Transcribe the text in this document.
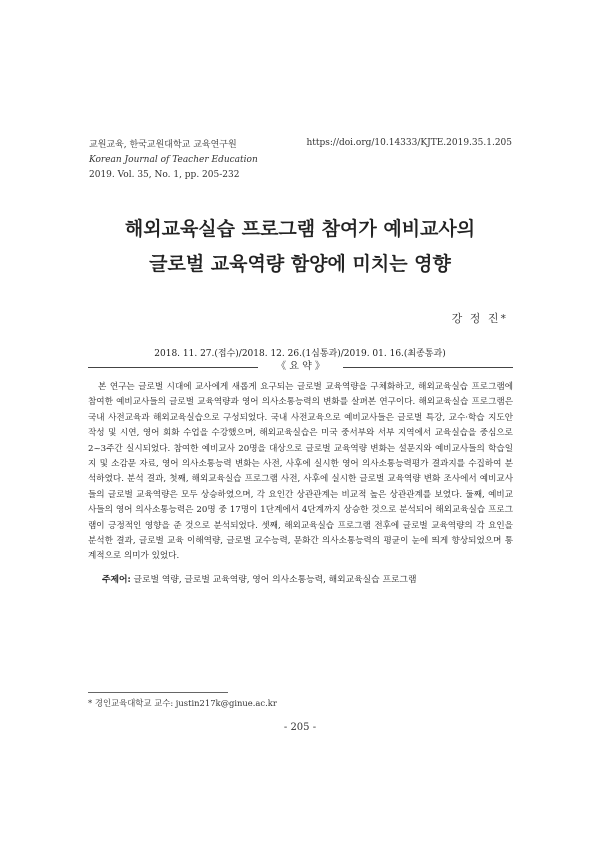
교원교육, 한국교원대학교 교육연구원
Korean Journal of Teacher Education
2019. Vol. 35, No. 1, pp. 205-232
https://doi.org/10.14333/KJTE.2019.35.1.205
해외교육실습 프로그램 참여가 예비교사의
글로벌 교육역량 함양에 미치는 영향
강 정 진*
2018. 11. 27.(접수)/2018. 12. 26.(1심통과)/2019. 01. 16.(최종통과)
《 요 약 》
본 연구는 글로벌 시대에 교사에게 새롭게 요구되는 글로벌 교육역량을 구체화하고, 해외교육실습 프로그램에 참여한 예비교사들의 글로벌 교육역량과 영어 의사소통능력의 변화를 살펴본 연구이다. 해외교육실습 프로그램은 국내 사전교육과 해외교육실습으로 구성되었다. 국내 사전교육으로 예비교사들은 글로벌 특강, 교수·학습 지도안 작성 및 시연, 영어 회화 수업을 수강했으며, 해외교육실습은 미국 중서부와 서부 지역에서 교육실습을 중심으로 2~3주간 실시되었다. 참여한 예비교사 20명을 대상으로 글로벌 교육역량 변화는 설문지와 예비교사들의 학습일지 및 소감문 자료, 영어 의사소통능력 변화는 사전, 사후에 실시한 영어 의사소통능력평가 결과지를 수집하여 분석하였다. 분석 결과, 첫째, 해외교육실습 프로그램 사전, 사후에 실시한 글로벌 교육역량 변화 조사에서 예비교사들의 글로벌 교육역량은 모두 상승하였으며, 각 요인간 상관관계는 비교적 높은 상관관계를 보였다. 둘째, 예비교사들의 영어 의사소통능력은 20명 중 17명이 1단계에서 4단계까지 상승한 것으로 분석되어 해외교육실습 프로그램이 긍정적인 영향을 준 것으로 분석되었다. 셋째, 해외교육실습 프로그램 전후에 글로벌 교육역량의 각 요인을 분석한 결과, 글로벌 교육 이해역량, 글로벌 교수능력, 문화간 의사소통능력의 평균이 눈에 띄게 향상되었으며 통계적으로 의미가 있었다.
주제어: 글로벌 역량, 글로벌 교육역량, 영어 의사소통능력, 해외교육실습 프로그램
* 경인교육대학교 교수: justin217k@ginue.ac.kr
- 205 -
